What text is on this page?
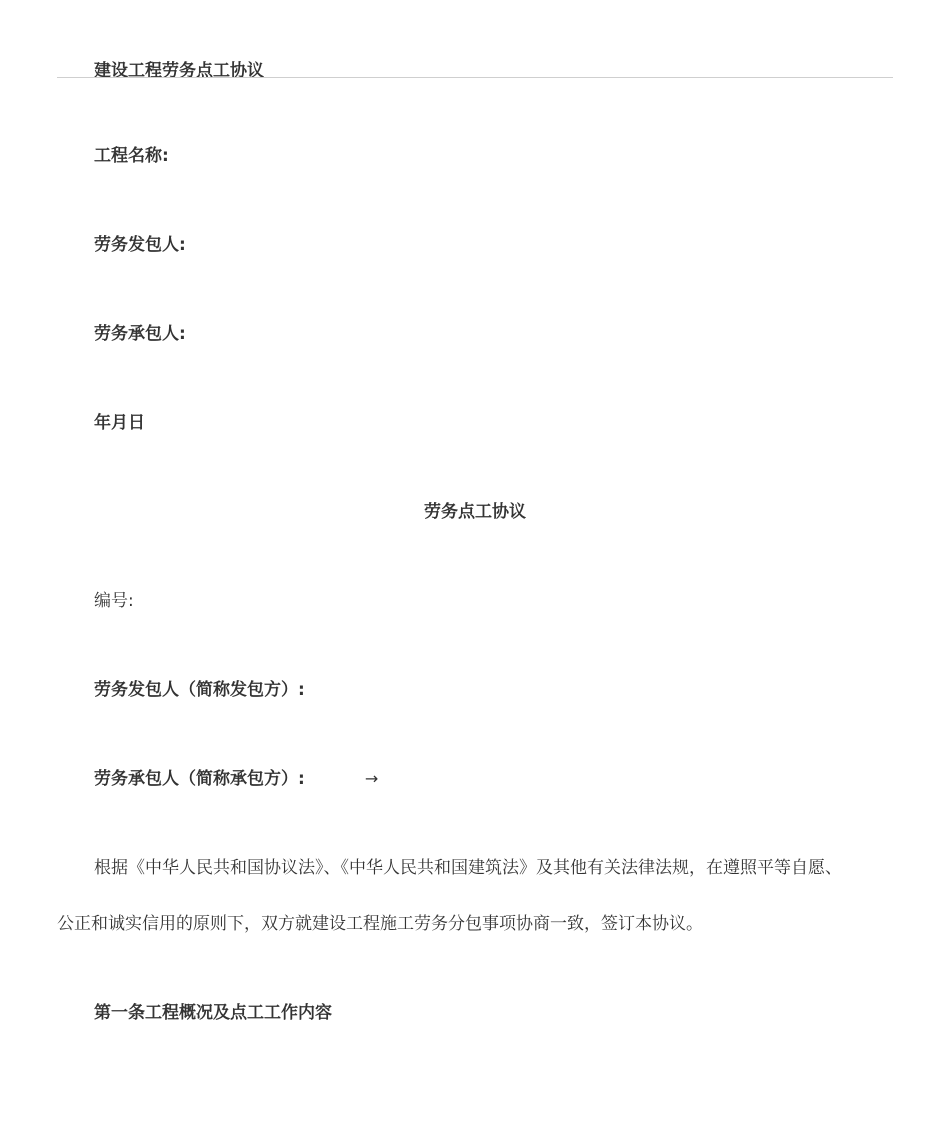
建设工程劳务点工协议
工程名称:
劳务发包人:
劳务承包人:
年月日
劳务点工协议
编号:
劳务发包人（简称发包方）:
劳务承包人（简称承包方）:	→
根据《中华人民共和国协议法》、《中华人民共和国建筑法》及其他有关法律法规，在遵照平等自愿、
公正和诚实信用的原则下，双方就建设工程施工劳务分包事项协商一致，签订本协议。
第一条工程概况及点工工作内容
